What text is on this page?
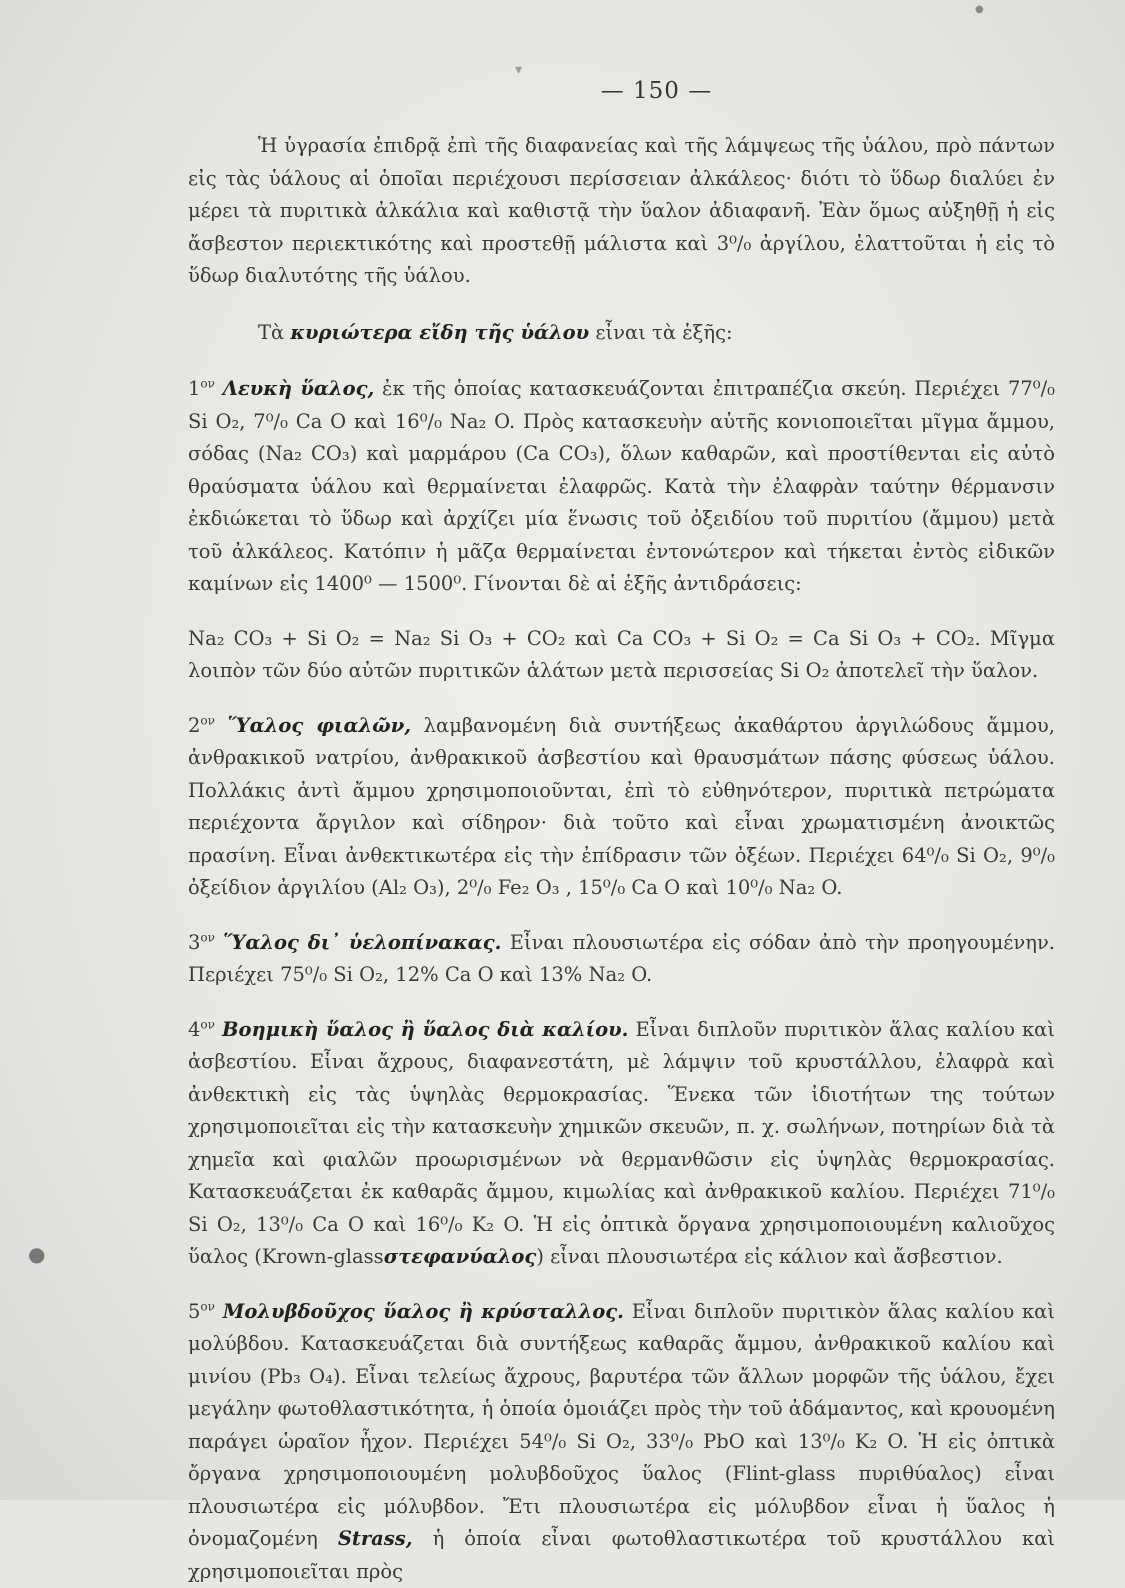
●
▾
●
— 150 —

Ἡ ὑγρασία ἐπιδρᾷ ἐπὶ τῆς διαφανείας καὶ τῆς λάμψεως τῆς ὑάλου, πρὸ πάντων εἰς τὰς ὑάλους αἱ ὁποῖαι περιέχουσι περίσσειαν ἀλκάλεος· διότι τὸ ὕδωρ διαλύει ἐν μέρει τὰ πυριτικὰ ἀλκάλια καὶ καθιστᾷ τὴν ὕαλον ἀδιαφανῆ. Ἐὰν ὅμως αὐξηθῇ ἡ εἰς ἄσβεστον περιεκτικότης καὶ προστεθῇ μάλιστα καὶ 3⁰/₀ ἀργίλου, ἐλαττοῦται ἡ εἰς τὸ ὕδωρ διαλυτότης τῆς ὑάλου.

Τὰ κυριώτερα εἴδη τῆς ὑάλου εἶναι τὰ ἑξῆς:

$1^{o\nu}$ Λευκὴ ὕαλος, ἐκ τῆς ὁποίας κατασκευάζονται ἐπιτραπέζια σκεύη. Περιέχει 77⁰/₀ Si O₂, 7⁰/₀ Ca O καὶ 16⁰/₀ Na₂ O. Πρὸς κατασκευὴν αὐτῆς κονιοποιεῖται μῖγμα ἄμμου, σόδας (Na₂ CO₃) καὶ μαρμάρου (Ca CO₃), ὅλων καθαρῶν, καὶ προστίθενται εἰς αὐτὸ θραύσματα ὑάλου καὶ θερμαίνεται ἐλαφρῶς. Κατὰ τὴν ἐλαφρὰν ταύτην θέρμανσιν ἐκδιώκεται τὸ ὕδωρ καὶ ἀρχίζει μία ἕνωσις τοῦ ὀξειδίου τοῦ πυριτίου (ἄμμου) μετὰ τοῦ ἀλκάλεος. Κατόπιν ἡ μᾶζα θερμαίνεται ἐντονώτερον καὶ τήκεται ἐντὸς εἰδικῶν καμίνων εἰς 1400⁰ — 1500⁰. Γίνονται δὲ αἱ ἑξῆς ἀντιδράσεις:

Na₂ CO₃ + Si O₂ = Na₂ Si O₃ + CO₂ καὶ Ca CO₃ + Si O₂ = Ca Si O₃ + CO₂. Μῖγμα λοιπὸν τῶν δύο αὐτῶν πυριτικῶν ἁλάτων μετὰ περισσείας Si O₂ ἀποτελεῖ τὴν ὕαλον.

$2^{o\nu}$ Ὕαλος φιαλῶν, λαμβανομένη διὰ συντήξεως ἀκαθάρτου ἀργιλώδους ἄμμου, ἀνθρακικοῦ νατρίου, ἀνθρακικοῦ ἀσβεστίου καὶ θραυσμάτων πάσης φύσεως ὑάλου. Πολλάκις ἀντὶ ἄμμου χρησιμοποιοῦνται, ἐπὶ τὸ εὐθηνότερον, πυριτικὰ πετρώματα περιέχοντα ἄργιλον καὶ σίδηρον· διὰ τοῦτο καὶ εἶναι χρωματισμένη ἀνοικτῶς πρασίνη. Εἶναι ἀνθεκτικωτέρα εἰς τὴν ἐπίδρασιν τῶν ὀξέων. Περιέχει 64⁰/₀ Si O₂, 9⁰/₀ ὀξείδιον ἀργιλίου (Al₂ O₃), 2⁰/₀ Fe₂ O₃ , 15⁰/₀ Ca O καὶ 10⁰/₀ Na₂ O.

$3^{o\nu}$ Ὕαλος δι᾿ ὑελοπίνακας. Εἶναι πλουσιωτέρα εἰς σόδαν ἀπὸ τὴν προηγουμένην. Περιέχει 75⁰/₀ Si O₂, 12% Ca O καὶ 13% Na₂ O.

$4^{o\nu}$ Βοημικὴ ὕαλος ἢ ὕαλος διὰ καλίου. Εἶναι διπλοῦν πυριτικὸν ἅλας καλίου καὶ ἀσβεστίου. Εἶναι ἄχρους, διαφανεστάτη, μὲ λάμψιν τοῦ κρυστάλλου, ἐλαφρὰ καὶ ἀνθεκτικὴ εἰς τὰς ὑψηλὰς θερμοκρασίας. Ἕνεκα τῶν ἰδιοτήτων της τούτων χρησιμοποιεῖται εἰς τὴν κατασκευὴν χημικῶν σκευῶν, π. χ. σωλήνων, ποτηρίων διὰ τὰ χημεῖα καὶ φιαλῶν προωρισμένων νὰ θερμανθῶσιν εἰς ὑψηλὰς θερμοκρασίας. Κατασκευάζεται ἐκ καθαρᾶς ἄμμου, κιμωλίας καὶ ἀνθρακικοῦ καλίου. Περιέχει 71⁰/₀ Si O₂, 13⁰/₀ Ca O καὶ 16⁰/₀ K₂ O. Ἡ εἰς ὀπτικὰ ὄργανα χρησιμοποιουμένη καλιοῦχος ὕαλος (Krown-glassστεφανύαλος) εἶναι πλουσιωτέρα εἰς κάλιον καὶ ἄσβεστιον.

$5^{o\nu}$ Μολυβδοῦχος ὕαλος ἢ κρύσταλλος. Εἶναι διπλοῦν πυριτικὸν ἅλας καλίου καὶ μολύβδου. Κατασκευάζεται διὰ συντήξεως καθαρᾶς ἄμμου, ἀνθρακικοῦ καλίου καὶ μινίου (Pb₃ O₄). Εἶναι τελείως ἄχρους, βαρυτέρα τῶν ἄλλων μορφῶν τῆς ὑάλου, ἔχει μεγάλην φωτοθλαστικότητα, ἡ ὁποία ὁμοιάζει πρὸς τὴν τοῦ ἀδάμαντος, καὶ κρουομένη παράγει ὡραῖον ἦχον. Περιέχει 54⁰/₀ Si O₂, 33⁰/₀ PbO καὶ 13⁰/₀ K₂ O. Ἡ εἰς ὀπτικὰ ὄργανα χρησιμοποιουμένη μολυβδοῦχος ὕαλος (Flint-glass πυριθύαλος) εἶναι πλουσιωτέρα εἰς μόλυβδον. Ἔτι πλουσιωτέρα εἰς μόλυβδον εἶναι ἡ ὕαλος ἡ ὀνομαζομένη Strass, ἡ ὁποία εἶναι φωτοθλαστικωτέρα τοῦ κρυστάλλου καὶ χρησιμοποιεῖται πρὸς
